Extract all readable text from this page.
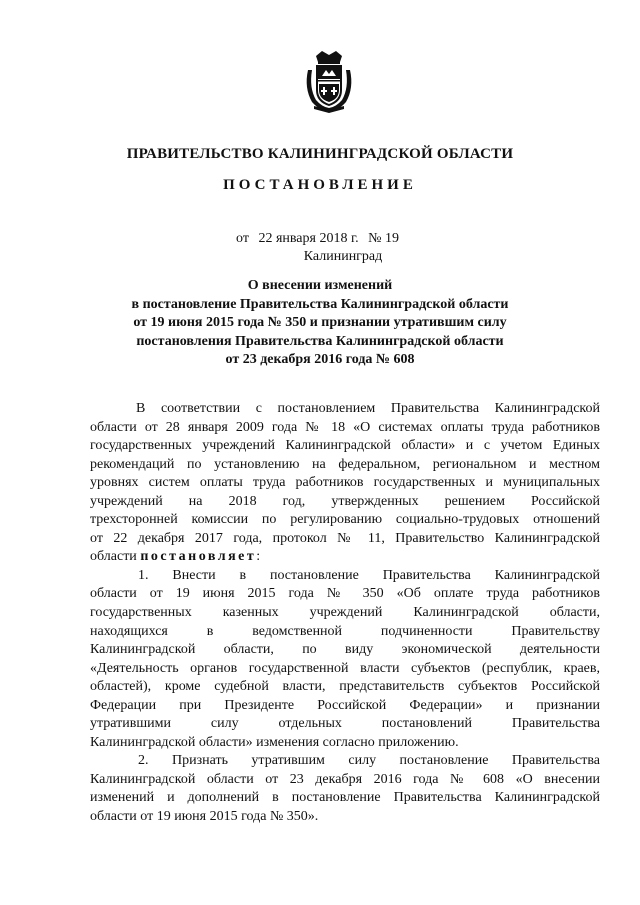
ПРАВИТЕЛЬСТВО КАЛИНИНГРАДСКОЙ ОБЛАСТИ
ПОСТАНОВЛЕНИЕ
от 22 января 2018 г. № 19
Калининград
О внесении изменений
в постановление Правительства Калининградской области
от 19 июня 2015 года № 350 и признании утратившим силу
постановления Правительства Калининградской области
от 23 декабря 2016 года № 608
В соответствии с постановлением Правительства Калининградской
области от 28 января 2009 года № 18 «О системах оплаты труда работников
государственных учреждений Калининградской области» и с учетом Единых
рекомендаций по установлению на федеральном, региональном и местном
уровнях систем оплаты труда работников государственных и муниципальных
учреждений на 2018 год, утвержденных решением Российской
трехсторонней комиссии по регулированию социально-трудовых отношений
от 22 декабря 2017 года, протокол № 11, Правительство Калининградской
области постановляет:
1. Внести в постановление Правительства Калининградской
области от 19 июня 2015 года № 350 «Об оплате труда работников
государственных казенных учреждений Калининградской области,
находящихся в ведомственной подчиненности Правительству
Калининградской области, по виду экономической деятельности
«Деятельность органов государственной власти субъектов (республик, краев,
областей), кроме судебной власти, представительств субъектов Российской
Федерации при Президенте Российской Федерации» и признании
утратившими силу отдельных постановлений Правительства
Калининградской области» изменения согласно приложению.
2. Признать утратившим силу постановление Правительства
Калининградской области от 23 декабря 2016 года № 608 «О внесении
изменений и дополнений в постановление Правительства Калининградской
области от 19 июня 2015 года № 350».
